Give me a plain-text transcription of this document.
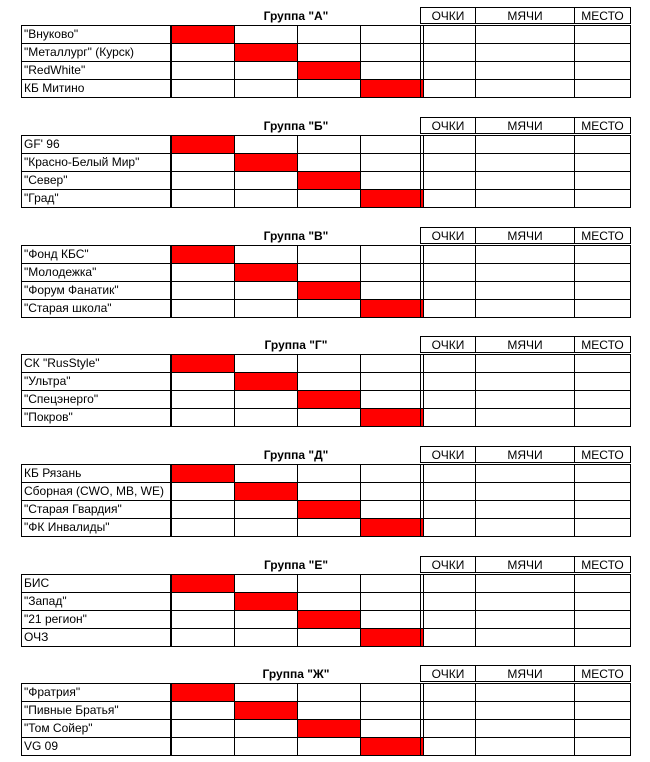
Группа "А"	ОЧКИ	МЯЧИ	МЕСТО
"Внуково"
"Металлург" (Курск)
"RedWhite"
КБ Митино
Группа "Б"	ОЧКИ	МЯЧИ	МЕСТО
GF' 96
"Красно-Белый Мир"
"Север"
"Град"
Группа "В"	ОЧКИ	МЯЧИ	МЕСТО
"Фонд КБС"
"Молодежка"
"Форум Фанатик"
"Старая школа"
Группа "Г"	ОЧКИ	МЯЧИ	МЕСТО
СК "RusStyle"
"Ультра"
"Спецэнерго"
"Покров"
Группа "Д"	ОЧКИ	МЯЧИ	МЕСТО
КБ Рязань
Сборная (CWO, MB, WE)
"Старая Гвардия"
"ФК Инвалиды"
Группа "Е"	ОЧКИ	МЯЧИ	МЕСТО
БИС
"Запад"
"21 регион"
ОЧЗ
Группа "Ж"	ОЧКИ	МЯЧИ	МЕСТО
"Фратрия"
"Пивные Братья"
"Том Сойер"
VG 09
